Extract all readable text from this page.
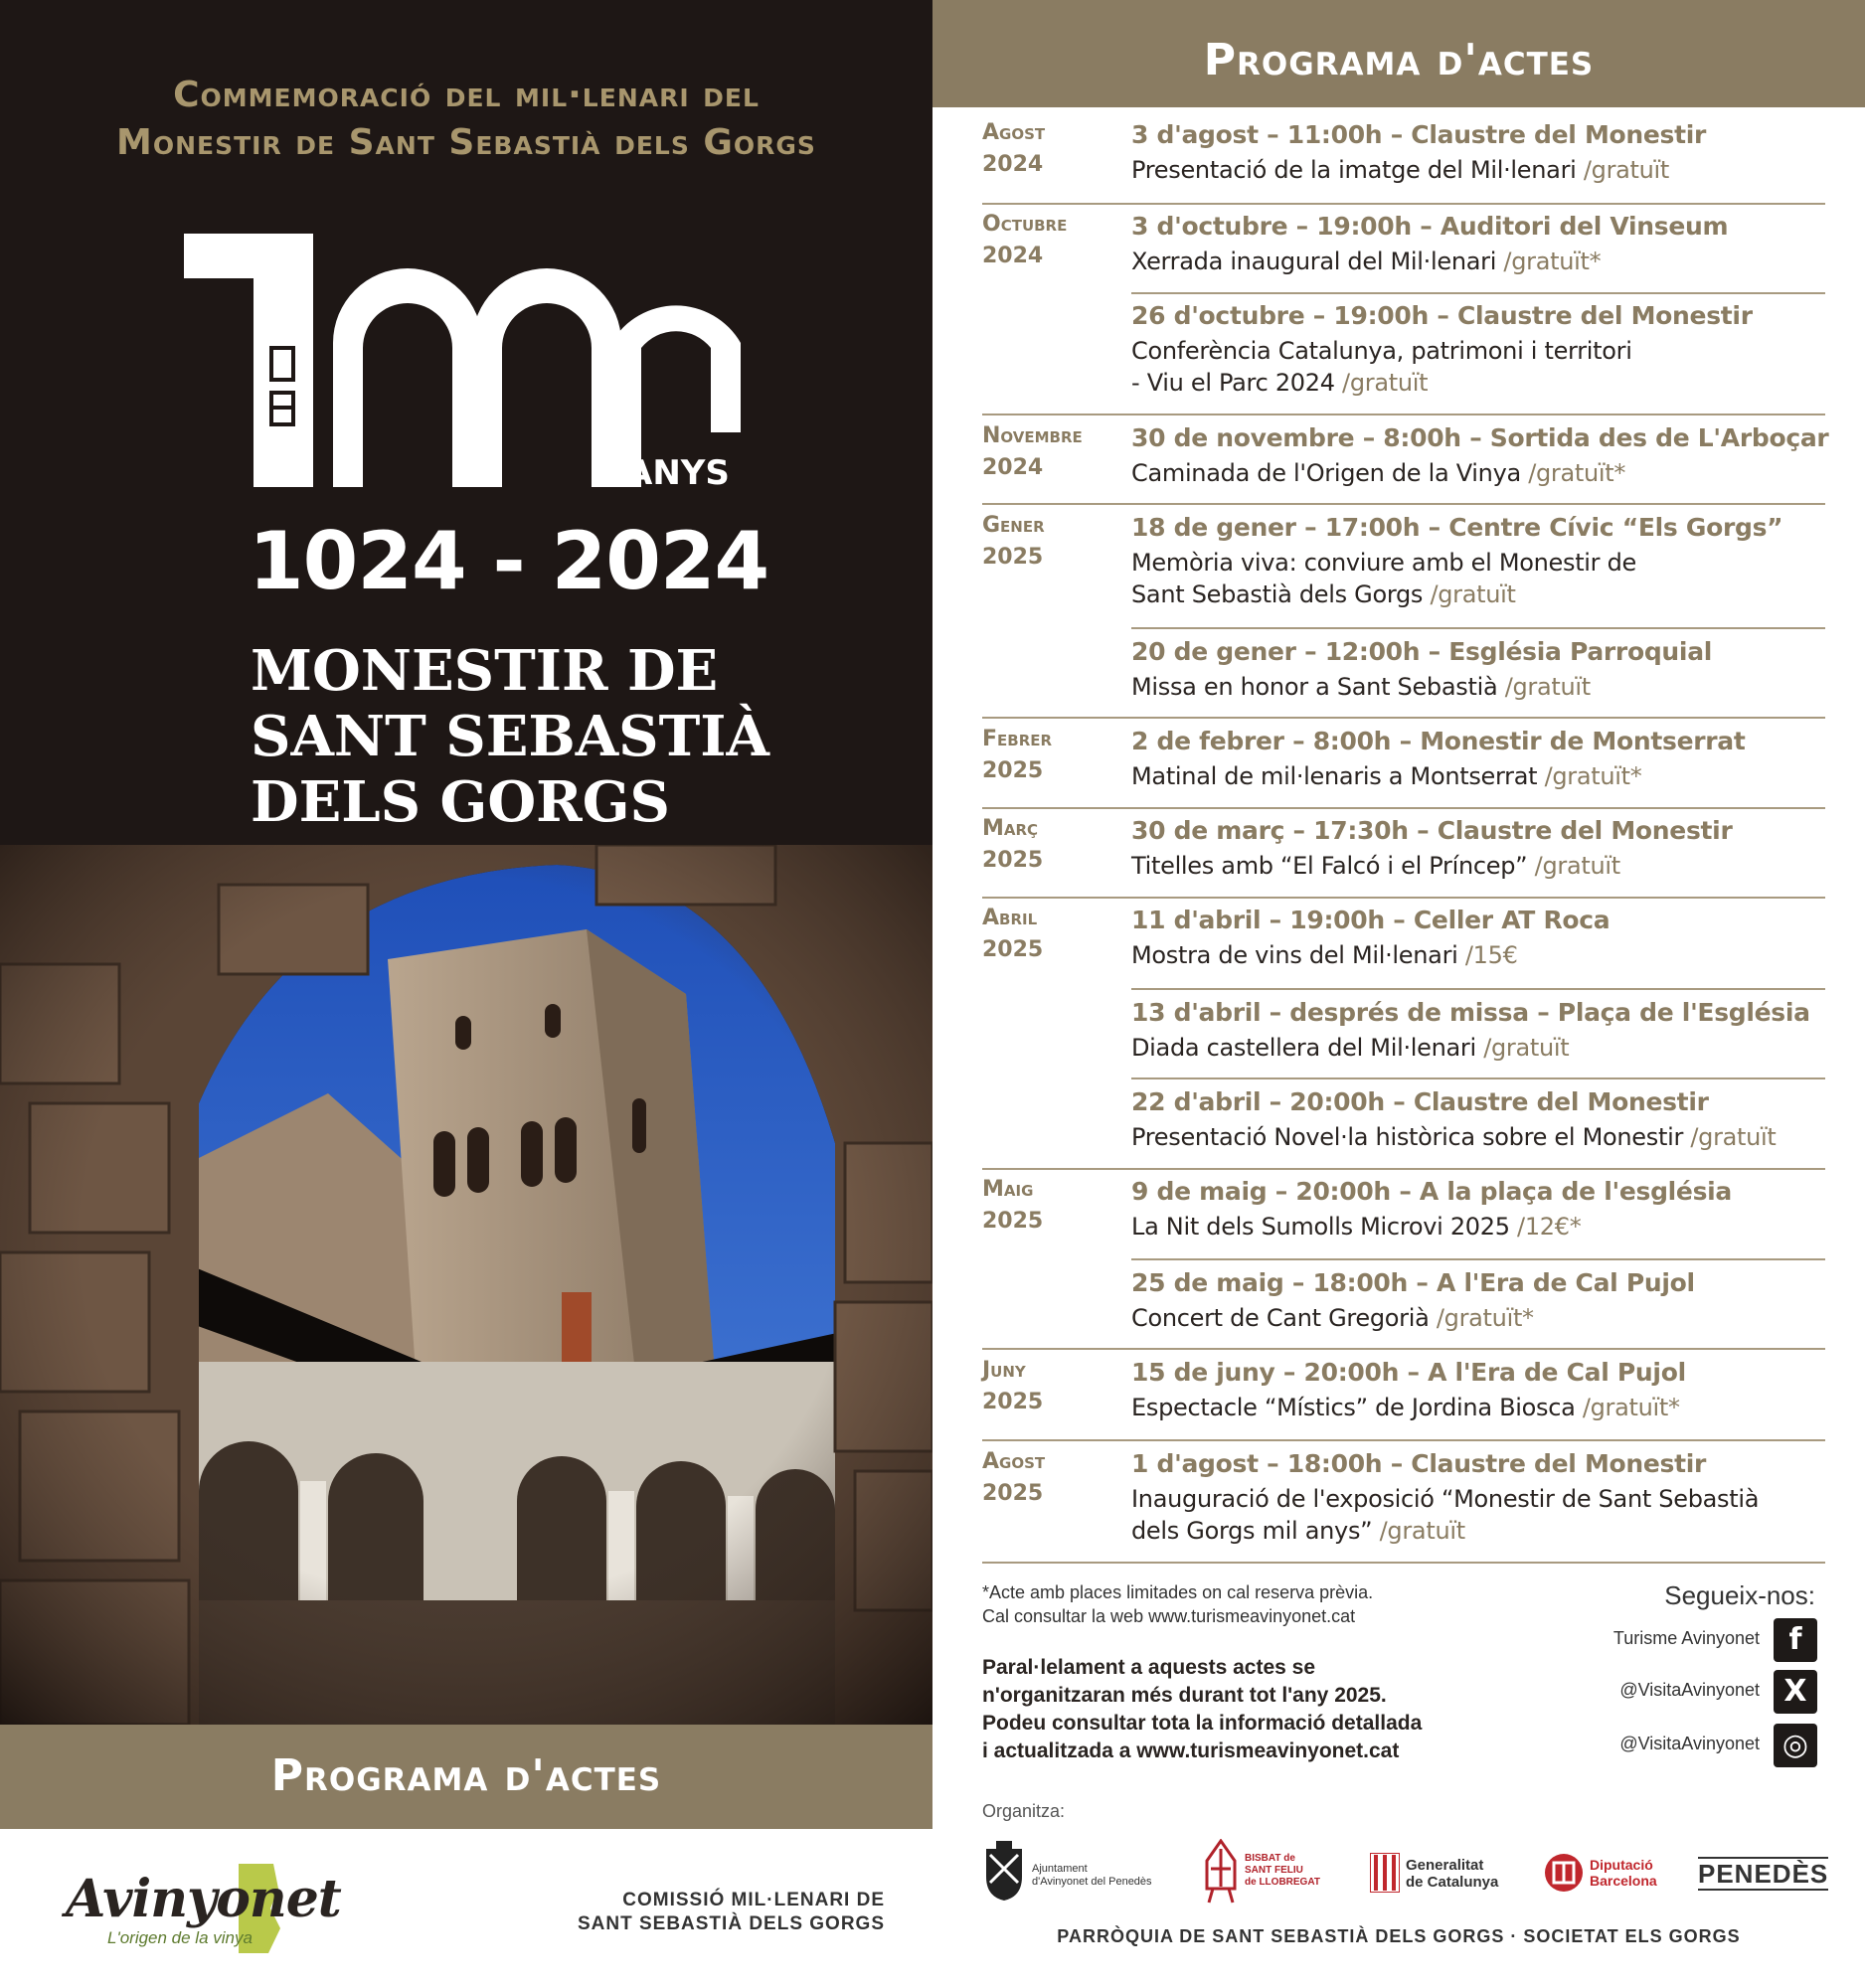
Commemoració del mil·lenari del
Monestir de Sant Sebastià dels Gorgs
ANYS
1024 - 2024
MONESTIR DE
SANT SEBASTIÀ
DELS GORGS
Programa d'actes
Avinyonet
L'origen de la vinya
COMISSIÓ MIL·LENARI DE
SANT SEBASTIÀ DELS GORGS
Programa d'actes
Agost
2024
3 d'agost – 11:00h – Claustre del Monestir
Presentació de la imatge del Mil·lenari /gratuït
Octubre
2024
3 d'octubre – 19:00h – Auditori del Vinseum
Xerrada inaugural del Mil·lenari /gratuït*
26 d'octubre – 19:00h – Claustre del Monestir
Conferència Catalunya, patrimoni i territori
- Viu el Parc 2024 /gratuït
Novembre
2024
30 de novembre – 8:00h – Sortida des de L'Arboçar
Caminada de l'Origen de la Vinya /gratuït*
Gener
2025
18 de gener – 17:00h – Centre Cívic “Els Gorgs”
Memòria viva: conviure amb el Monestir de
Sant Sebastià dels Gorgs /gratuït
20 de gener – 12:00h – Església Parroquial
Missa en honor a Sant Sebastià /gratuït
Febrer
2025
2 de febrer – 8:00h – Monestir de Montserrat
Matinal de mil·lenaris a Montserrat /gratuït*
Març
2025
30 de març – 17:30h – Claustre del Monestir
Titelles amb “El Falcó i el Príncep” /gratuït
Abril
2025
11 d'abril – 19:00h – Celler AT Roca
Mostra de vins del Mil·lenari /15€
13 d'abril – després de missa – Plaça de l'Església
Diada castellera del Mil·lenari /gratuït
22 d'abril – 20:00h – Claustre del Monestir
Presentació Novel·la històrica sobre el Monestir /gratuït
Maig
2025
9 de maig – 20:00h – A la plaça de l'església
La Nit dels Sumolls Microvi 2025 /12€*
25 de maig – 18:00h – A l'Era de Cal Pujol
Concert de Cant Gregorià /gratuït*
Juny
2025
15 de juny – 20:00h – A l'Era de Cal Pujol
Espectacle “Místics” de Jordina Biosca /gratuït*
Agost
2025
1 d'agost – 18:00h – Claustre del Monestir
Inauguració de l'exposició “Monestir de Sant Sebastià
dels Gorgs mil anys” /gratuït
*Acte amb places limitades on cal reserva prèvia.
Cal consultar la web www.turismeavinyonet.cat
Paral·lelament a aquests actes se
n'organitzaran més durant tot l'any 2025.
Podeu consultar tota la informació detallada
i actualitzada a www.turismeavinyonet.cat
Segueix-nos:
Turisme Avinyonet f
@VisitaAvinyonet X
@VisitaAvinyonet ◎
Organitza:
Ajuntament
d'Avinyonet del Penedès
BISBAT de
SANT FELIU
de LLOBREGAT
Generalitat
de Catalunya
Diputació
Barcelona PENEDÈS
PARRÒQUIA DE SANT SEBASTIÀ DELS GORGS · SOCIETAT ELS GORGS
